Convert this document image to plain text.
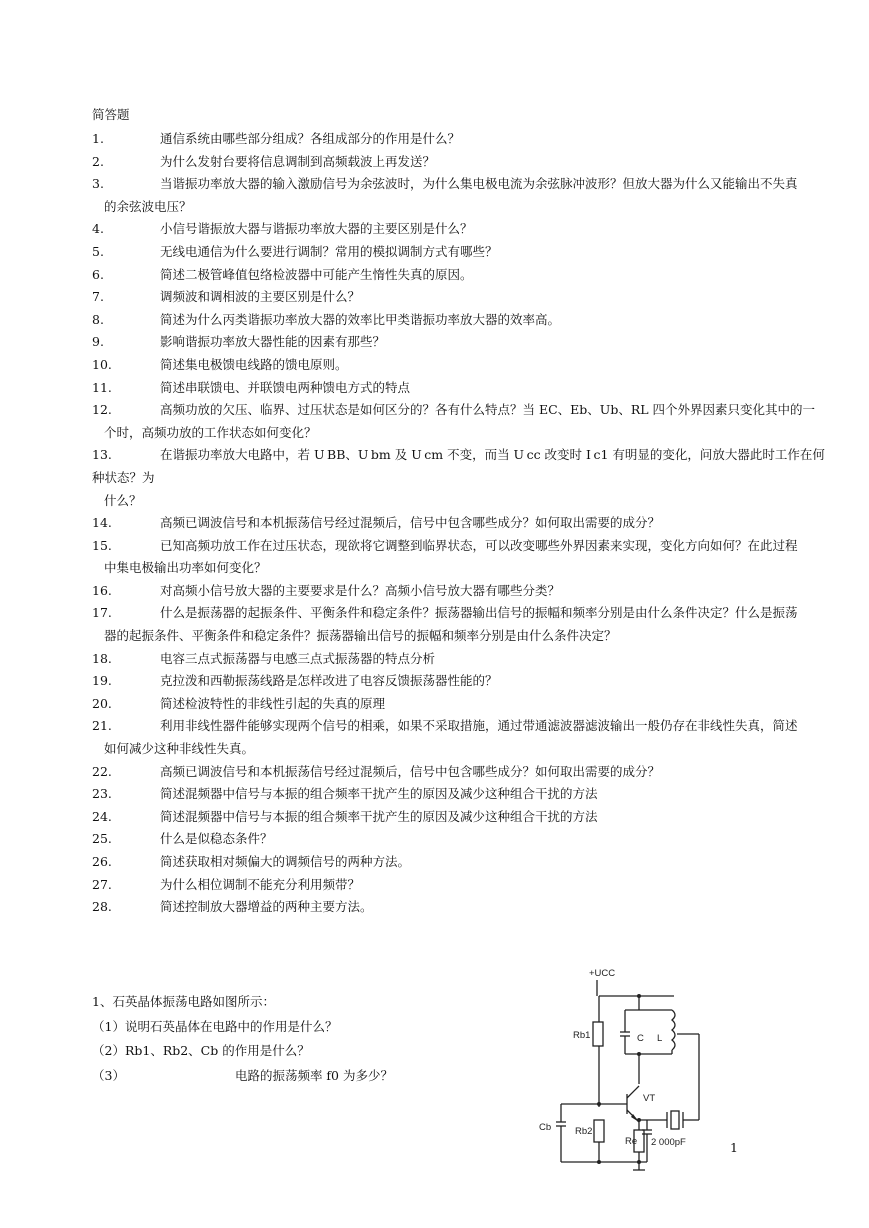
简答题
1.	通信系统由哪些部分组成？各组成部分的作用是什么？
2.	为什么发射台要将信息调制到高频载波上再发送？
3.	当谐振功率放大器的输入激励信号为余弦波时，为什么集电极电流为余弦脉冲波形？但放大器为什么又能输出不失真
的余弦波电压？
4.	小信号谐振放大器与谐振功率放大器的主要区别是什么？
5.	无线电通信为什么要进行调制？常用的模拟调制方式有哪些？
6.	简述二极管峰值包络检波器中可能产生惰性失真的原因。
7.	调频波和调相波的主要区别是什么？
8.	简述为什么丙类谐振功率放大器的效率比甲类谐振功率放大器的效率高。
9.	影响谐振功率放大器性能的因素有那些？
10.	简述集电极馈电线路的馈电原则。
11.	简述串联馈电、并联馈电两种馈电方式的特点
12.	高频功放的欠压、临界、过压状态是如何区分的？各有什么特点？当 EC、Eb、Ub、RL 四个外界因素只变化其中的一
个时，高频功放的工作状态如何变化？
13.	在谐振功率放大电路中，若 U BB、U bm 及 U cm 不变，而当 U cc 改变时 I c1 有明显的变化，问放大器此时工作在何种状态？为
什么？
14.	高频已调波信号和本机振荡信号经过混频后，信号中包含哪些成分？如何取出需要的成分？
15.	已知高频功放工作在过压状态，现欲将它调整到临界状态，可以改变哪些外界因素来实现，变化方向如何？在此过程
中集电极输出功率如何变化？
16.	对高频小信号放大器的主要要求是什么？高频小信号放大器有哪些分类？
17.	什么是振荡器的起振条件、平衡条件和稳定条件？振荡器输出信号的振幅和频率分别是由什么条件决定？什么是振荡
器的起振条件、平衡条件和稳定条件？振荡器输出信号的振幅和频率分别是由什么条件决定？
18.	电容三点式振荡器与电感三点式振荡器的特点分析
19.	克拉泼和西勒振荡线路是怎样改进了电容反馈振荡器性能的？
20.	简述检波特性的非线性引起的失真的原理
21.	利用非线性器件能够实现两个信号的相乘，如果不采取措施，通过带通滤波器滤波输出一般仍存在非线性失真，简述
如何减少这种非线性失真。
22.	高频已调波信号和本机振荡信号经过混频后，信号中包含哪些成分？如何取出需要的成分？
23.	简述混频器中信号与本振的组合频率干扰产生的原因及减少这种组合干扰的方法
24.	简述混频器中信号与本振的组合频率干扰产生的原因及减少这种组合干扰的方法
25.	什么是似稳态条件？
26.	简述获取相对频偏大的调频信号的两种方法。
27.	为什么相位调制不能充分利用频带？
28.	简述控制放大器增益的两种主要方法。
1、石英晶体振荡电路如图所示：
（1）说明石英晶体在电路中的作用是什么？
（2）Rb1、Rb2、Cb 的作用是什么？
（3）	电路的振荡频率 f0 为多少？
+UCC
Rb1	C L
VT
Cb	Rb2
Re 2 000pF	1
